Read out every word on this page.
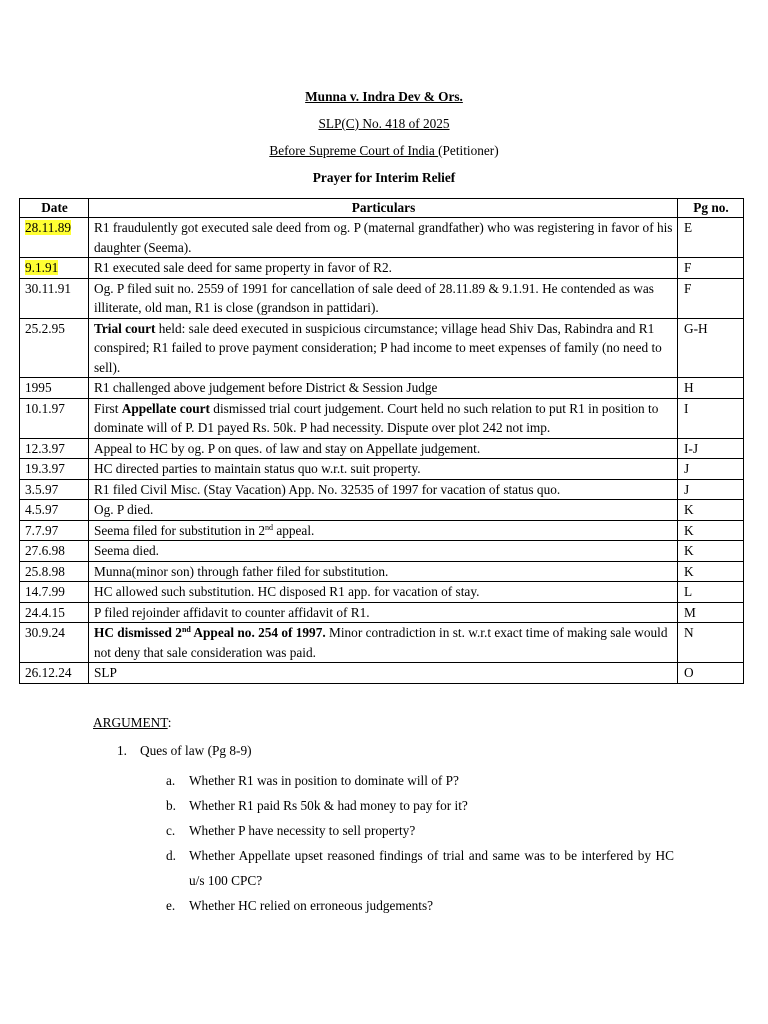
Munna v. Indra Dev & Ors.
SLP(C) No. 418 of 2025
Before Supreme Court of India (Petitioner)
Prayer for Interim Relief
Date	Particulars	Pg no.
28.11.89	R1 fraudulently got executed sale deed from og. P (maternal grandfather) who was registering in favor of his daughter (Seema).	E
9.1.91	R1 executed sale deed for same property in favor of R2.	F
30.11.91	Og. P filed suit no. 2559 of 1991 for cancellation of sale deed of 28.11.89 & 9.1.91. He contended as was illiterate, old man, R1 is close (grandson in pattidari).	F
25.2.95	Trial court held: sale deed executed in suspicious circumstance; village head Shiv Das, Rabindra and R1 conspired; R1 failed to prove payment consideration; P had income to meet expenses of family (no need to sell).	G-H
1995	R1 challenged above judgement before District & Session Judge	H
10.1.97	First Appellate court dismissed trial court judgement. Court held no such relation to put R1 in position to dominate will of P. D1 payed Rs. 50k. P had necessity. Dispute over plot 242 not imp.	I
12.3.97	Appeal to HC by og. P on ques. of law and stay on Appellate judgement.	I-J
19.3.97	HC directed parties to maintain status quo w.r.t. suit property.	J
3.5.97	R1 filed Civil Misc. (Stay Vacation) App. No. 32535 of 1997 for vacation of status quo.	J
4.5.97	Og. P died.	K
7.7.97	Seema filed for substitution in 2nd appeal.	K
27.6.98	Seema died.	K
25.8.98	Munna(minor son) through father filed for substitution.	K
14.7.99	HC allowed such substitution. HC disposed R1 app. for vacation of stay.	L
24.4.15	P filed rejoinder affidavit to counter affidavit of R1.	M
30.9.24	HC dismissed 2nd Appeal no. 254 of 1997. Minor contradiction in st. w.r.t exact time of making sale would not deny that sale consideration was paid.	N
26.12.24	SLP	O
ARGUMENT:
1. Ques of law (Pg 8-9)
a. Whether R1 was in position to dominate will of P?
b. Whether R1 paid Rs 50k & had money to pay for it?
c. Whether P have necessity to sell property?
d. Whether Appellate upset reasoned findings of trial and same was to be interfered by HC u/s 100 CPC?
e. Whether HC relied on erroneous judgements?
